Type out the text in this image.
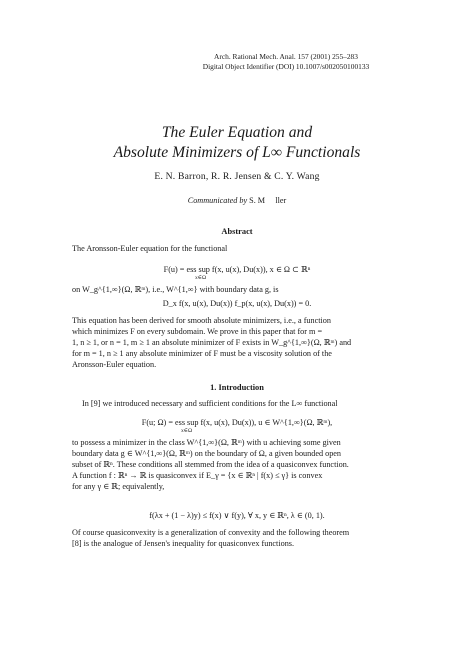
Arch. Rational Mech. Anal. 157 (2001) 255–283
Digital Object Identifier (DOI) 10.1007/s002050100133
The Euler Equation and
Absolute Minimizers of L∞ Functionals
E. N. Barron, R. R. Jensen & C. Y. Wang
Communicated by S. M     ller
Abstract
The Aronsson-Euler equation for the functional
F(u) = ess sup f(x, u(x), Du(x)), x ∈ Ω ⊂ ℝⁿ
x∈Ω
on W_g^{1,∞}(Ω, ℝᵐ), i.e., W^{1,∞} with boundary data g, is
D_x f(x, u(x), Du(x)) f_p(x, u(x), Du(x)) = 0.
This equation has been derived for smooth absolute minimizers, i.e., a function
which minimizes F on every subdomain. We prove in this paper that for m =
1, n ≥ 1, or n = 1, m ≥ 1 an absolute minimizer of F exists in W_g^{1,∞}(Ω, ℝᵐ) and
for m = 1, n ≥ 1 any absolute minimizer of F must be a viscosity solution of the
Aronsson-Euler equation.
1. Introduction
In [9] we introduced necessary and sufficient conditions for the L∞ functional
F(u; Ω) = ess sup f(x, u(x), Du(x)), u ∈ W^{1,∞}(Ω, ℝᵐ),
x∈Ω
to possess a minimizer in the class W^{1,∞}(Ω, ℝᵐ) with u achieving some given
boundary data g ∈ W^{1,∞}(Ω, ℝᵐ) on the boundary of Ω, a given bounded open
subset of ℝⁿ. These conditions all stemmed from the idea of a quasiconvex function.
A function f : ℝⁿ → ℝ is quasiconvex if E_γ = {x ∈ ℝⁿ | f(x) ≤ γ} is convex
for any γ ∈ ℝ; equivalently,
f(λx + (1 − λ)y) ≤ f(x) ∨ f(y), ∀ x, y ∈ ℝⁿ, λ ∈ (0, 1).
Of course quasiconvexity is a generalization of convexity and the following theorem
[8] is the analogue of Jensen's inequality for quasiconvex functions.
